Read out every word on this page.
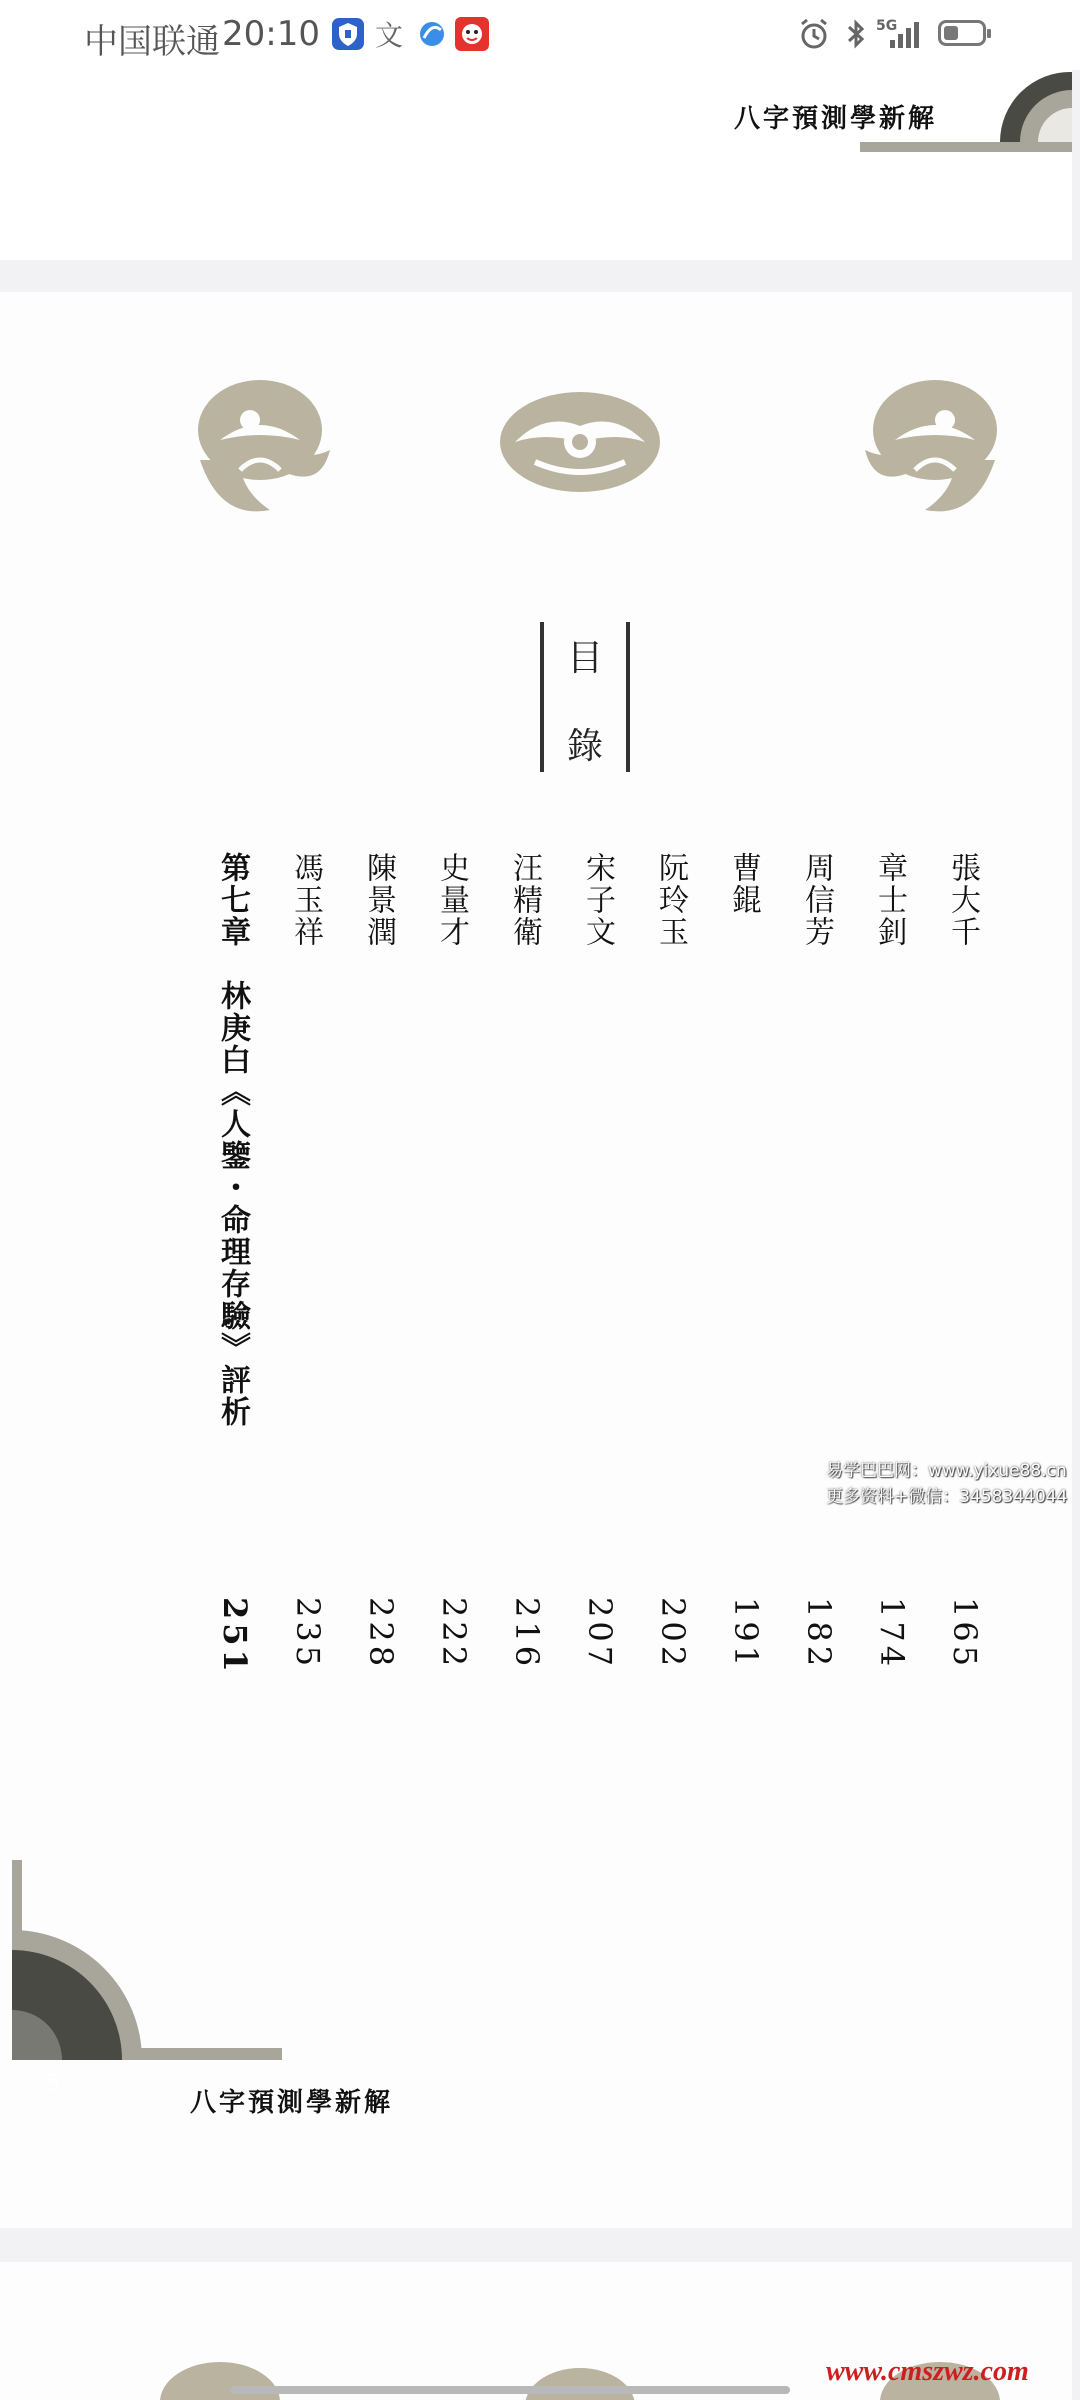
中国联通 20:10 文	5G
八字預測學新解
目
錄
張大千
165
章士釗
174
周信芳
182
曹錕
191
阮玲玉
202
宋子文
207
汪精衛
216
史量才
222
陳景潤
228
馮玉祥
235
第七章　林庚白《人鑒・命理存驗》評析
251
5
八字預測學新解
易学巴巴网：www.yixue88.cn
更多资料+微信：3458344044
www.cmszwz.com
